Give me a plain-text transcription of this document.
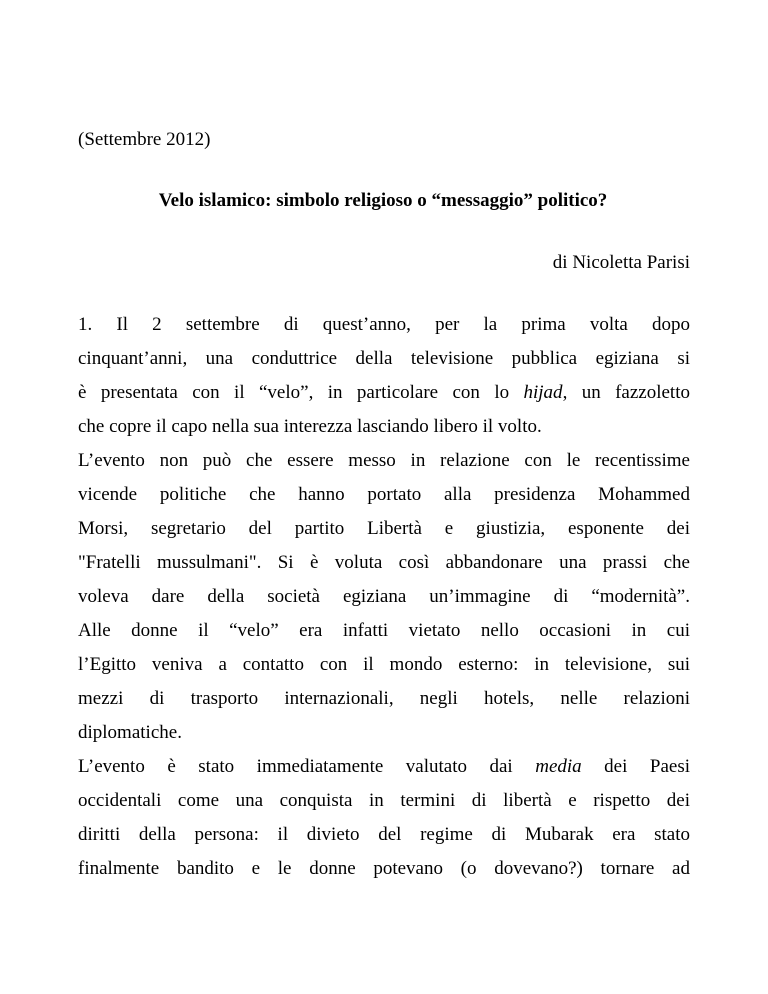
(Settembre 2012)
Velo islamico: simbolo religioso o “messaggio” politico?
di Nicoletta Parisi
1. Il 2 settembre di quest’anno, per la prima volta dopo
cinquant’anni, una conduttrice della televisione pubblica egiziana si
è presentata con il “velo”, in particolare con lo hijad, un fazzoletto
che copre il capo nella sua interezza lasciando libero il volto.
L’evento non può che essere messo in relazione con le recentissime
vicende politiche che hanno portato alla presidenza Mohammed
Morsi, segretario del partito Libertà e giustizia, esponente dei
"Fratelli mussulmani". Si è voluta così abbandonare una prassi che
voleva dare della società egiziana un’immagine di “modernità”.
Alle donne il “velo” era infatti vietato nello occasioni in cui
l’Egitto veniva a contatto con il mondo esterno: in televisione, sui
mezzi di trasporto internazionali, negli hotels, nelle relazioni
diplomatiche.
L’evento è stato immediatamente valutato dai media dei Paesi
occidentali come una conquista in termini di libertà e rispetto dei
diritti della persona: il divieto del regime di Mubarak era stato
finalmente bandito e le donne potevano (o dovevano?) tornare ad
